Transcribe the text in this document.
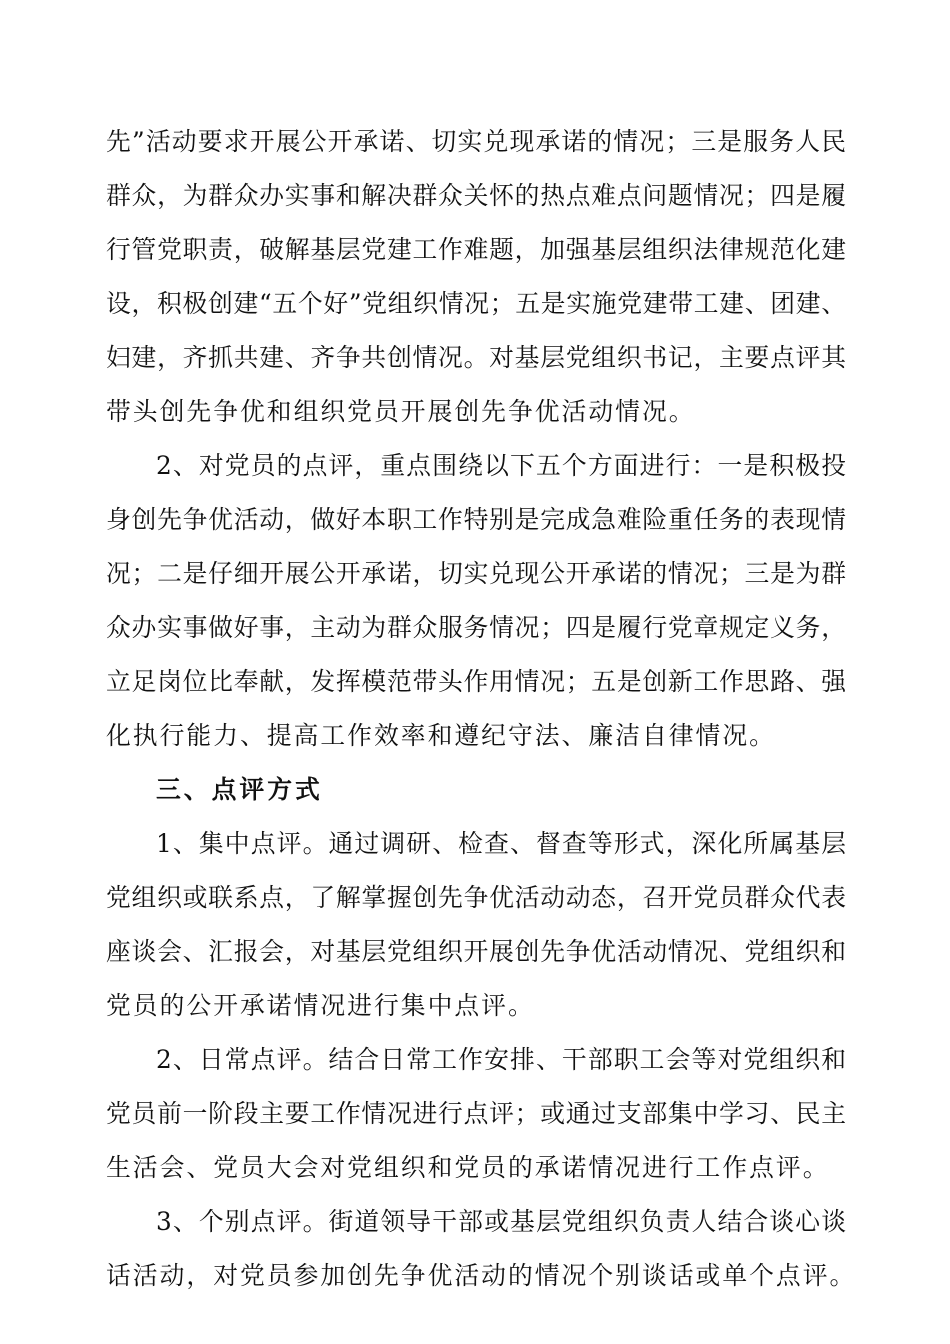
先”活动要求开展公开承诺、切实兑现承诺的情况；三是服务人民
群众，为群众办实事和解决群众关怀的热点难点问题情况；四是履
行管党职责，破解基层党建工作难题，加强基层组织法律规范化建
设，积极创建“五个好”党组织情况；五是实施党建带工建、团建、
妇建，齐抓共建、齐争共创情况。对基层党组织书记，主要点评其
带头创先争优和组织党员开展创先争优活动情况。
2、对党员的点评，重点围绕以下五个方面进行：一是积极投
身创先争优活动，做好本职工作特别是完成急难险重任务的表现情
况；二是仔细开展公开承诺，切实兑现公开承诺的情况；三是为群
众办实事做好事，主动为群众服务情况；四是履行党章规定义务，
立足岗位比奉献，发挥模范带头作用情况；五是创新工作思路、强
化执行能力、提高工作效率和遵纪守法、廉洁自律情况。
三、点评方式
1、集中点评。通过调研、检查、督查等形式，深化所属基层
党组织或联系点，了解掌握创先争优活动动态，召开党员群众代表
座谈会、汇报会，对基层党组织开展创先争优活动情况、党组织和
党员的公开承诺情况进行集中点评。
2、日常点评。结合日常工作安排、干部职工会等对党组织和
党员前一阶段主要工作情况进行点评；或通过支部集中学习、民主
生活会、党员大会对党组织和党员的承诺情况进行工作点评。
3、个别点评。街道领导干部或基层党组织负责人结合谈心谈
话活动，对党员参加创先争优活动的情况个别谈话或单个点评。
